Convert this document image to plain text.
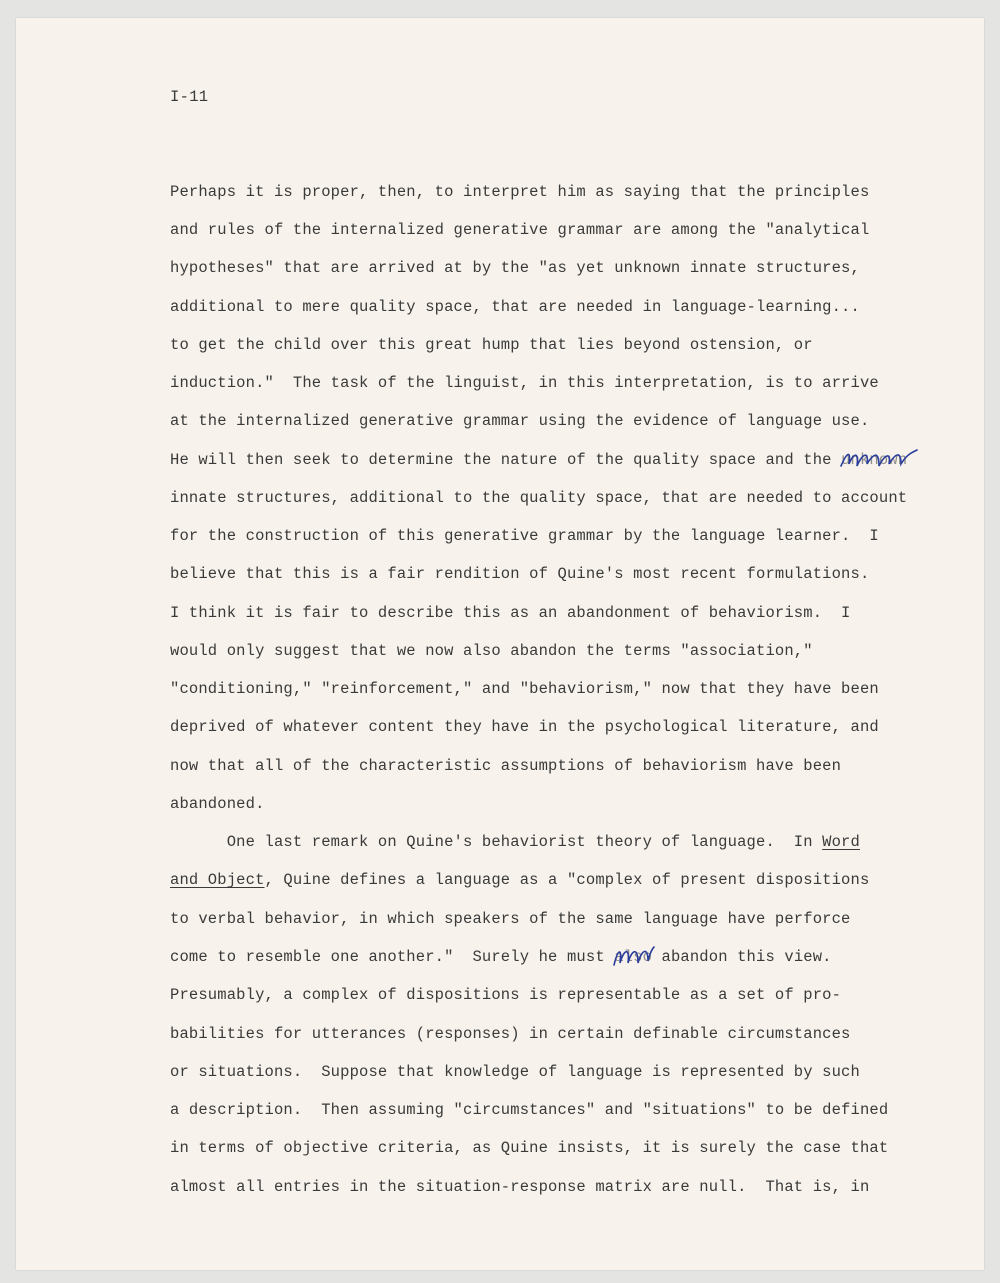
I-11
Perhaps it is proper, then, to interpret him as saying that the principles
and rules of the internalized generative grammar are among the "analytical
hypotheses" that are arrived at by the "as yet unknown innate structures,
additional to mere quality space, that are needed in language-learning...
to get the child over this great hump that lies beyond ostension, or
induction."  The task of the linguist, in this interpretation, is to arrive
at the internalized generative grammar using the evidence of language use.
He will then seek to determine the nature of the quality space and the unknown
innate structures, additional to the quality space, that are needed to account
for the construction of this generative grammar by the language learner.  I
believe that this is a fair rendition of Quine's most recent formulations.
I think it is fair to describe this as an abandonment of behaviorism.  I
would only suggest that we now also abandon the terms "association,"
"conditioning," "reinforcement," and "behaviorism," now that they have been
deprived of whatever content they have in the psychological literature, and
now that all of the characteristic assumptions of behaviorism have been
abandoned.
One last remark on Quine's behaviorist theory of language.  In Word
and Object, Quine defines a language as a "complex of present dispositions
to verbal behavior, in which speakers of the same language have perforce
come to resemble one another."  Surely he must also
abandon this view.
Presumably, a complex of dispositions is representable as a set of pro-
babilities for utterances (responses) in certain definable circumstances
or situations.  Suppose that knowledge of language is represented by such
a description.  Then assuming "circumstances" and "situations" to be defined
in terms of objective criteria, as Quine insists, it is surely the case that
almost all entries in the situation-response matrix are null.  That is, in
